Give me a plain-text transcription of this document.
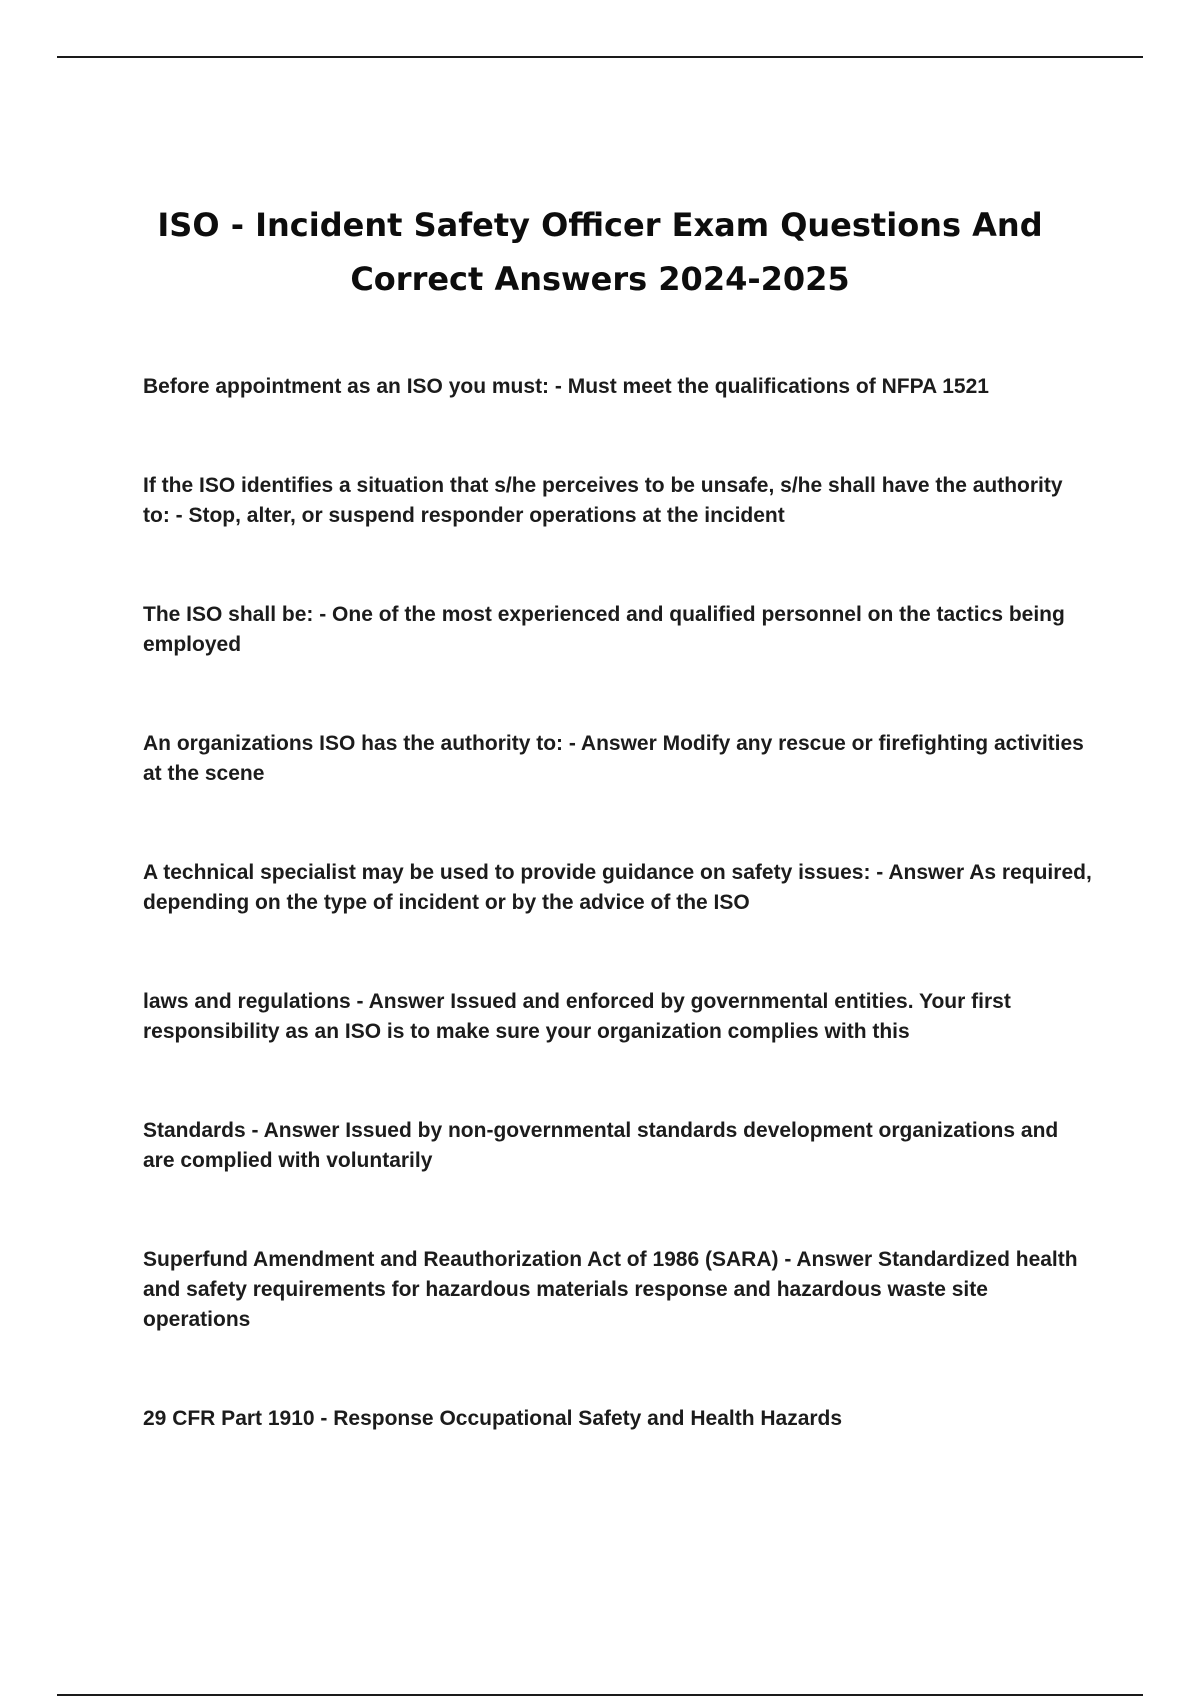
ISO - Incident Safety Officer Exam Questions And Correct Answers 2024-2025

Before appointment as an ISO you must: - Must meet the qualifications of NFPA 1521

If the ISO identifies a situation that s/he perceives to be unsafe, s/he shall have the authority to: - Stop, alter, or suspend responder operations at the incident

The ISO shall be: - One of the most experienced and qualified personnel on the tactics being employed

An organizations ISO has the authority to: - Answer Modify any rescue or firefighting activities at the scene

A technical specialist may be used to provide guidance on safety issues: - Answer As required, depending on the type of incident or by the advice of the ISO

laws and regulations - Answer Issued and enforced by governmental entities. Your first responsibility as an ISO is to make sure your organization complies with this

Standards - Answer Issued by non-governmental standards development organizations and are complied with voluntarily

Superfund Amendment and Reauthorization Act of 1986 (SARA) - Answer Standardized health and safety requirements for hazardous materials response and hazardous waste site operations

29 CFR Part 1910 - Response Occupational Safety and Health Hazards
